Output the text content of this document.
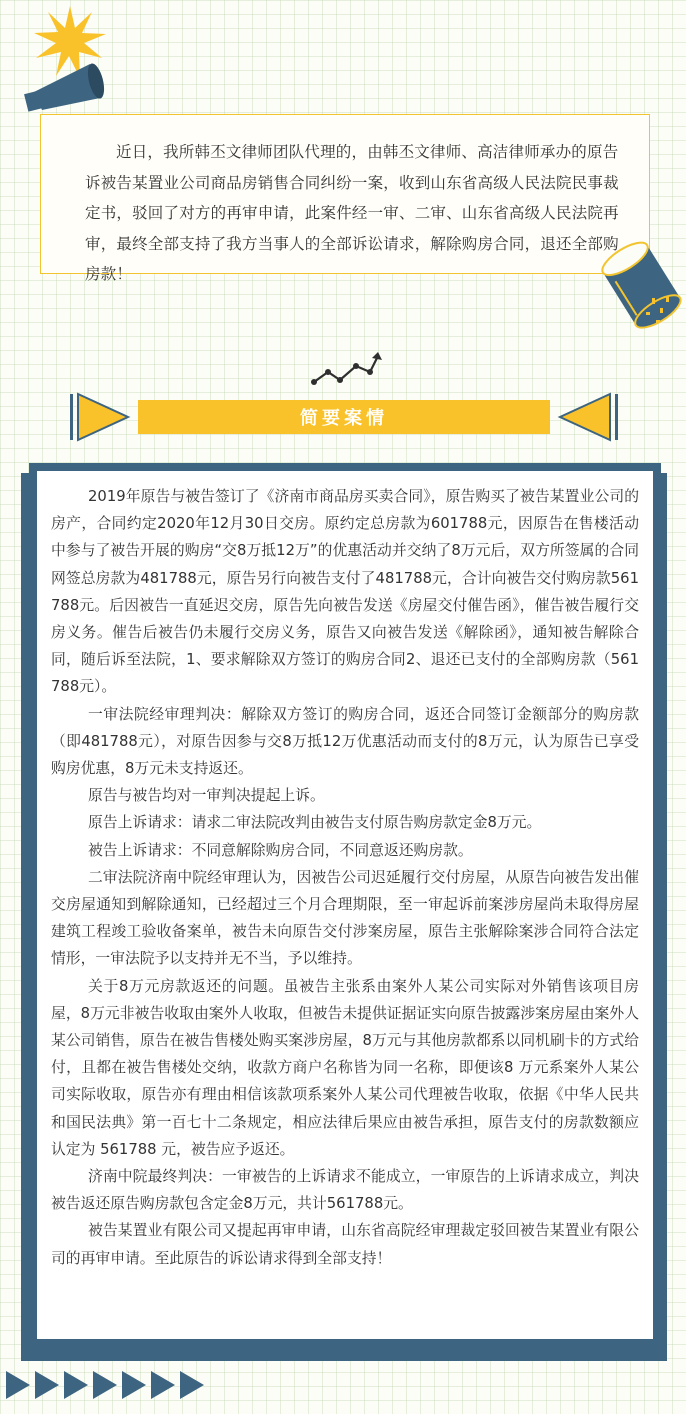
近日，我所韩丕文律师团队代理的，由韩丕文律师、高洁律师承办的原告诉被告某置业公司商品房销售合同纠纷一案，收到山东省高级人民法院民事裁定书，驳回了对方的再审申请，此案件经一审、二审、山东省高级人民法院再审，最终全部支持了我方当事人的全部诉讼请求，解除购房合同，退还全部购房款！

简要案情

2019年原告与被告签订了《济南市商品房买卖合同》，原告购买了被告某置业公司的房产，合同约定2020年12月30日交房。原约定总房款为601788元，因原告在售楼活动中参与了被告开展的购房“交8万抵12万”的优惠活动并交纳了8万元后，双方所签属的合同网签总房款为481788元，原告另行向被告支付了481788元，合计向被告交付购房款561788元。后因被告一直延迟交房，原告先向被告发送《房屋交付催告函》，催告被告履行交房义务。催告后被告仍未履行交房义务，原告又向被告发送《解除函》，通知被告解除合同，随后诉至法院，1、要求解除双方签订的购房合同2、退还已支付的全部购房款（561788元）。

一审法院经审理判决：解除双方签订的购房合同，返还合同签订金额部分的购房款（即481788元），对原告因参与交8万抵12万优惠活动而支付的8万元，认为原告已享受购房优惠，8万元未支持返还。

原告与被告均对一审判决提起上诉。

原告上诉请求：请求二审法院改判由被告支付原告购房款定金8万元。

被告上诉请求：不同意解除购房合同，不同意返还购房款。

二审法院济南中院经审理认为，因被告公司迟延履行交付房屋，从原告向被告发出催交房屋通知到解除通知，已经超过三个月合理期限，至一审起诉前案涉房屋尚未取得房屋建筑工程竣工验收备案单，被告未向原告交付涉案房屋，原告主张解除案涉合同符合法定情形，一审法院予以支持并无不当，予以维持。

关于8万元房款返还的问题。虽被告主张系由案外人某公司实际对外销售该项目房屋，8万元非被告收取由案外人收取，但被告未提供证据证实向原告披露涉案房屋由案外人某公司销售，原告在被告售楼处购买案涉房屋，8万元与其他房款都系以同机刷卡的方式给付，且都在被告售楼处交纳，收款方商户名称皆为同一名称，即便该8 万元系案外人某公司实际收取，原告亦有理由相信该款项系案外人某公司代理被告收取，依据《中华人民共和国民法典》第一百七十二条规定，相应法律后果应由被告承担，原告支付的房款数额应认定为 561788 元，被告应予返还。

济南中院最终判决：一审被告的上诉请求不能成立，一审原告的上诉请求成立，判决被告返还原告购房款包含定金8万元，共计561788元。

被告某置业有限公司又提起再审申请，山东省高院经审理裁定驳回被告某置业有限公司的再审申请。至此原告的诉讼请求得到全部支持！
